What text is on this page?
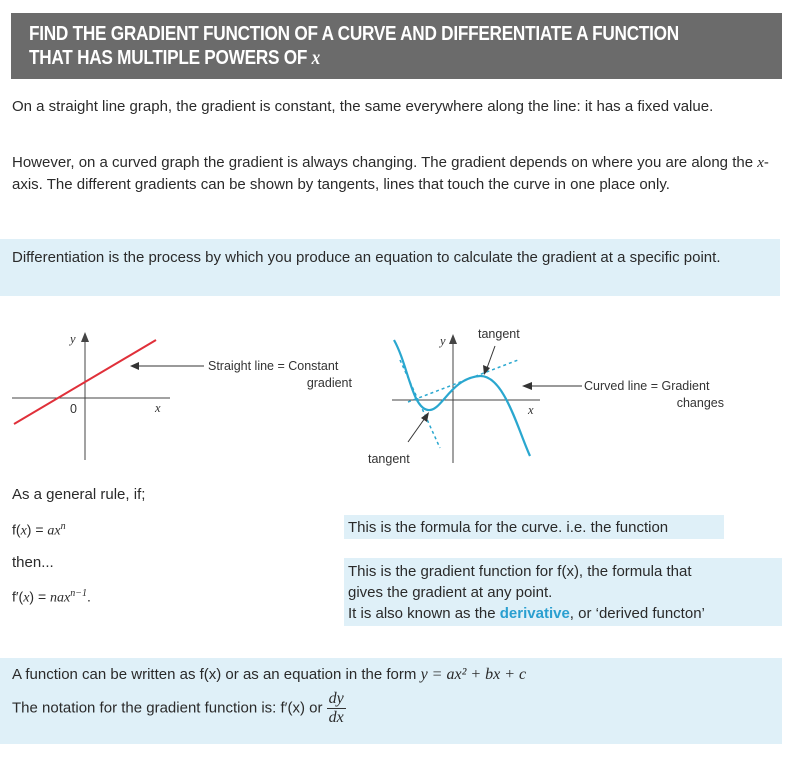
FIND THE GRADIENT FUNCTION OF A CURVE AND DIFFERENTIATE A FUNCTION
THAT HAS MULTIPLE POWERS OF x
On a straight line graph, the gradient is constant, the same everywhere along the line: it has a fixed value.
However, on a curved graph the gradient is always changing. The gradient depends on where you are along the x-axis. The different gradients can be shown by tangents, lines that touch the curve in one place only.
Differentiation is the process by which you produce an equation to calculate the gradient at a specific point.
y
0	x
Straight line = Constant
gradient
y
x
tangent
tangent
Curved line = Gradient
changes
As a general rule, if;
$f(x) = ax^n$
then...
f′(x) = nax$^{n-1}$.
This is the formula for the curve. i.e. the function
This is the gradient function for f(x), the formula that
gives the gradient at any point.
It is also known as the derivative, or ‘derived functon’
A function can be written as f(x) or as an equation in the form y = ax² + bx + c
The notation for the gradient function is: f′(x) or $\frac{dy}{dx}$
